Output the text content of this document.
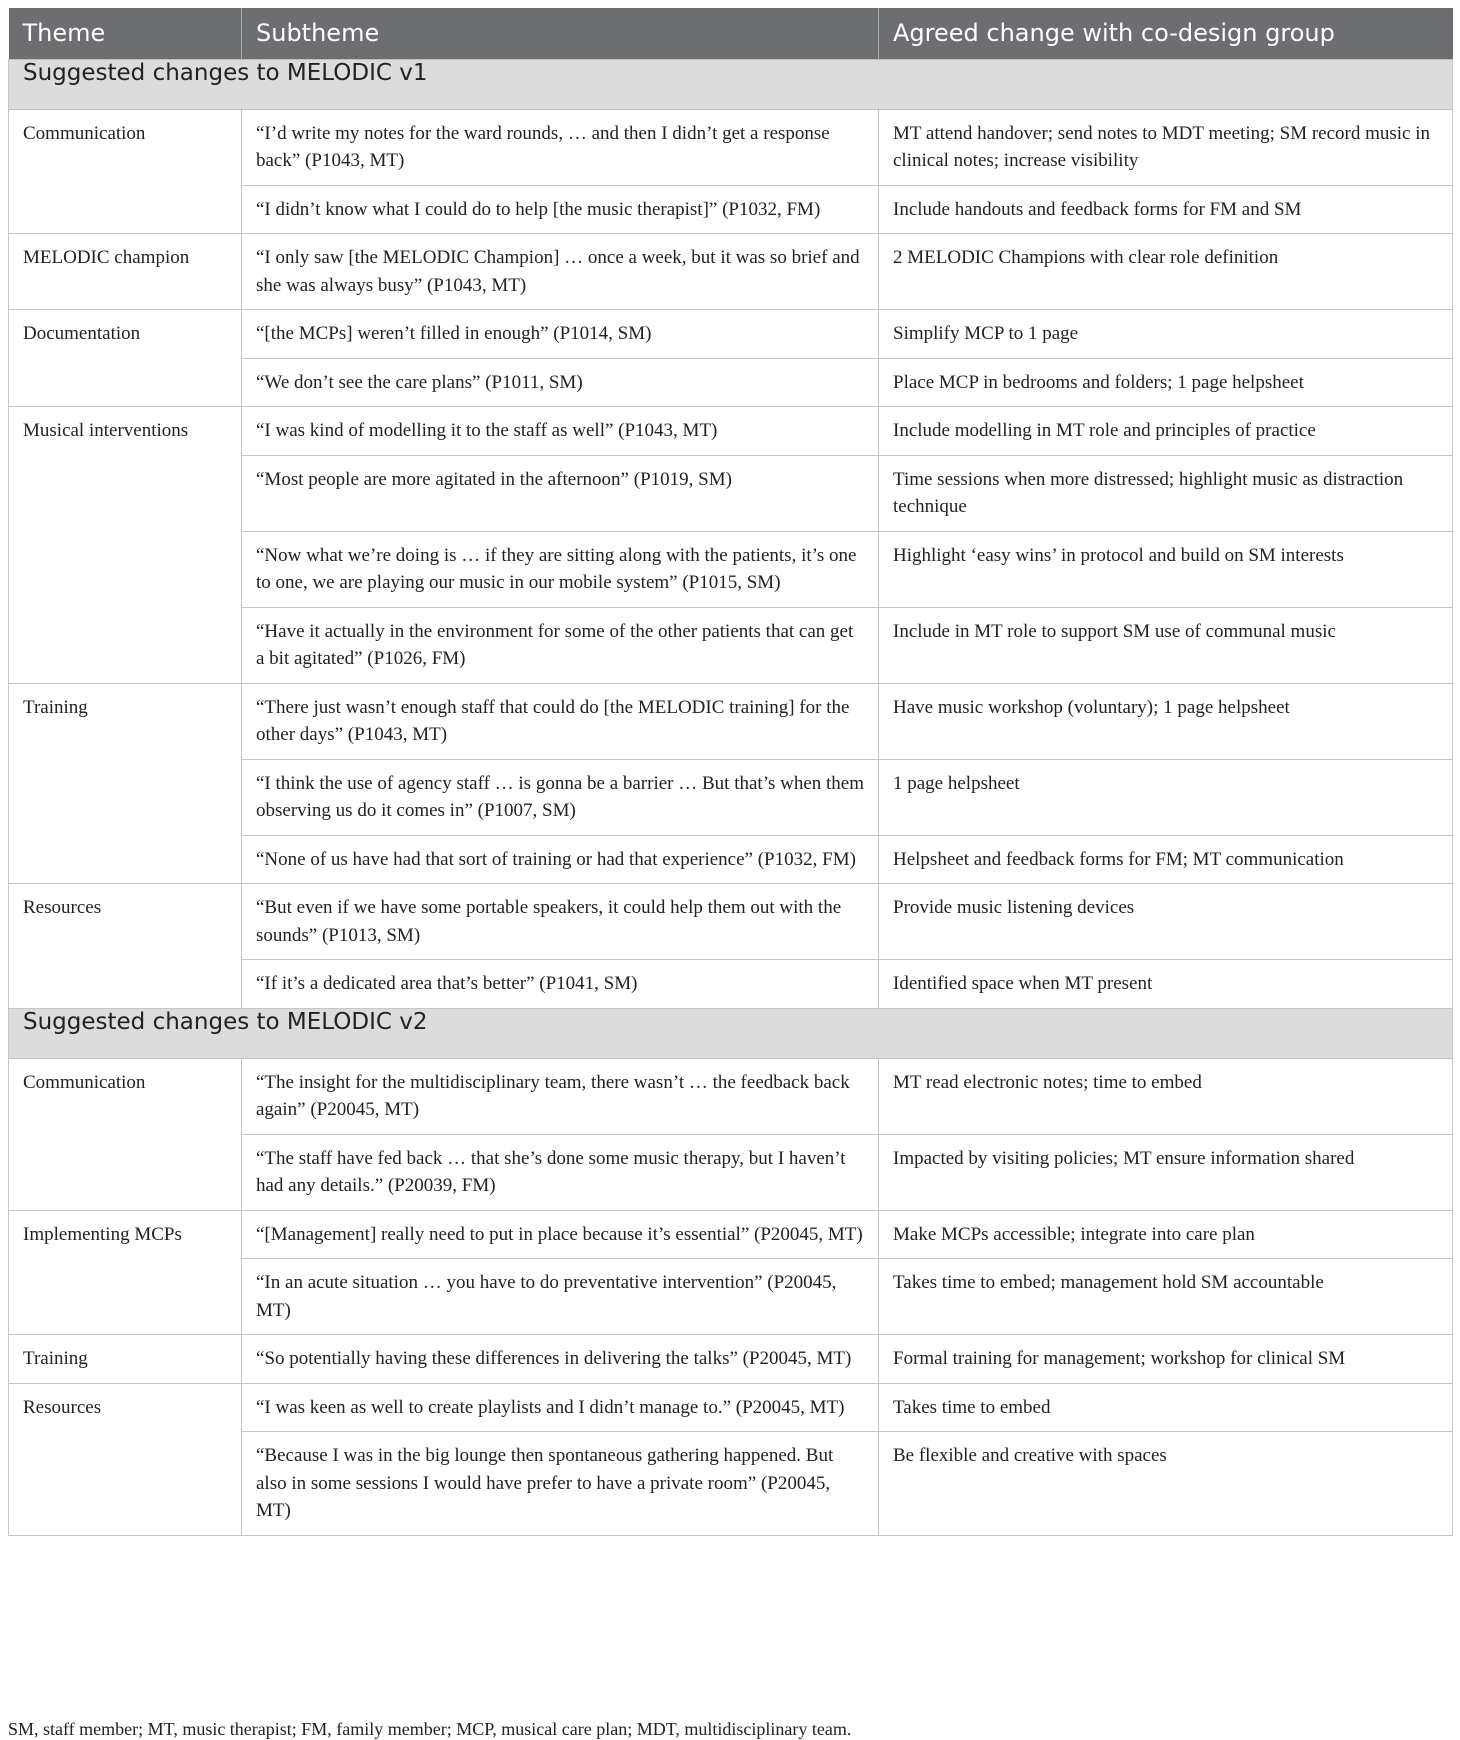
Theme	Subtheme	Agreed change with co-design group
Suggested changes to MELODIC v1		
Communication	“I’d write my notes for the ward rounds, … and then I didn’t get a response back” (P1043, MT)	MT attend handover; send notes to MDT meeting; SM record music in clinical notes; increase visibility
	“I didn’t know what I could do to help [the music therapist]” (P1032, FM)	Include handouts and feedback forms for FM and SM
MELODIC champion	“I only saw [the MELODIC Champion] … once a week, but it was so brief and she was always busy” (P1043, MT)	2 MELODIC Champions with clear role definition
Documentation	“[the MCPs] weren’t filled in enough” (P1014, SM)	Simplify MCP to 1 page
	“We don’t see the care plans” (P1011, SM)	Place MCP in bedrooms and folders; 1 page helpsheet
Musical interventions	“I was kind of modelling it to the staff as well” (P1043, MT)	Include modelling in MT role and principles of practice
	“Most people are more agitated in the afternoon” (P1019, SM)	Time sessions when more distressed; highlight music as distraction technique
	“Now what we’re doing is … if they are sitting along with the patients, it’s one to one, we are playing our music in our mobile system” (P1015, SM)	Highlight ‘easy wins’ in protocol and build on SM interests
	“Have it actually in the environment for some of the other patients that can get a bit agitated” (P1026, FM)	Include in MT role to support SM use of communal music
Training	“There just wasn’t enough staff that could do [the MELODIC training] for the other days” (P1043, MT)	Have music workshop (voluntary); 1 page helpsheet
	“I think the use of agency staff … is gonna be a barrier … But that’s when them observing us do it comes in” (P1007, SM)	1 page helpsheet
	“None of us have had that sort of training or had that experience” (P1032, FM)	Helpsheet and feedback forms for FM; MT communication
Resources	“But even if we have some portable speakers, it could help them out with the sounds” (P1013, SM)	Provide music listening devices
	“If it’s a dedicated area that’s better” (P1041, SM)	Identified space when MT present
Suggested changes to MELODIC v2		
Communication	“The insight for the multidisciplinary team, there wasn’t … the feedback back again” (P20045, MT)	MT read electronic notes; time to embed
	“The staff have fed back … that she’s done some music therapy, but I haven’t had any details.” (P20039, FM)	Impacted by visiting policies; MT ensure information shared
Implementing MCPs	“[Management] really need to put in place because it’s essential” (P20045, MT)	Make MCPs accessible; integrate into care plan
	“In an acute situation … you have to do preventative intervention” (P20045, MT)	Takes time to embed; management hold SM accountable
Training	“So potentially having these differences in delivering the talks” (P20045, MT)	Formal training for management; workshop for clinical SM
Resources	“I was keen as well to create playlists and I didn’t manage to.” (P20045, MT)	Takes time to embed
	“Because I was in the big lounge then spontaneous gathering happened. But also in some sessions I would have prefer to have a private room” (P20045, MT)	Be flexible and creative with spaces
SM, staff member; MT, music therapist; FM, family member; MCP, musical care plan; MDT, multidisciplinary team.
